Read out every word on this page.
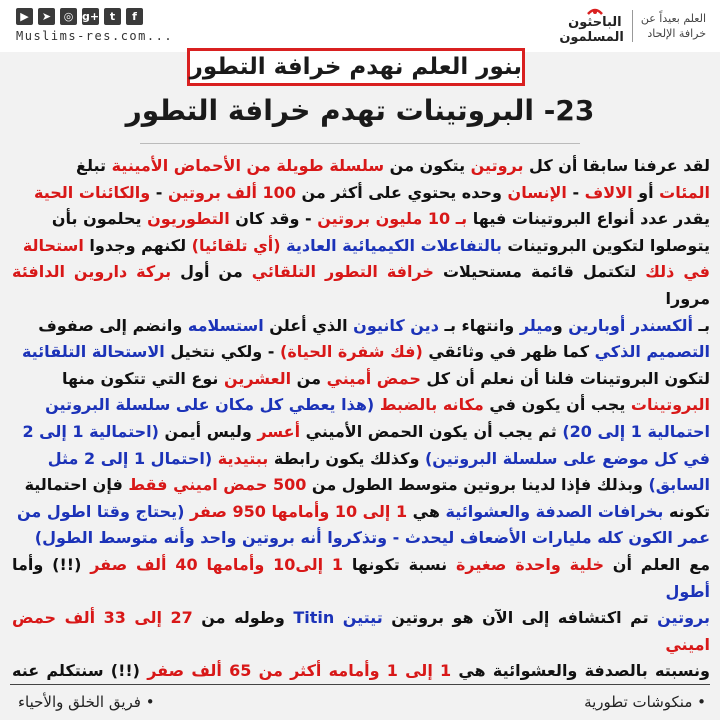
▶	➤	◎ g+ t	f
Muslims-res.com...
الباحثون
المسلمون
العلم بعيداً عن
خرافة الإلحاد
بنور العلم نهدم خرافة التطور
23- البروتينات تهدم خرافة التطور
لقد عرفنا سابقا أن كل بروتين يتكون من سلسلة طويلة من الأحماض الأمينية تبلغ
المئات أو الالاف - الإنسان وحده يحتوي على أكثر من 100 ألف بروتين - والكائنات الحية
يقدر عدد أنواع البروتينات فيها بـ 10 مليون بروتين - وقد كان التطوريون يحلمون بأن
يتوصلوا لتكوين البروتينات بالتفاعلات الكيميائية العادية (أي تلقائيا) لكنهم وجدوا استحالة
في ذلك لتكتمل قائمة مستحيلات خرافة التطور التلقائي من أول بركة داروين الدافئة مرورا
بـ ألكسندر أوبارين وميلر وانتهاء بـ دين كانيون الذي أعلن استسلامه وانضم إلى صفوف
التصميم الذكي كما ظهر في وثائقي (فك شفرة الحياة) - ولكي نتخيل الاستحالة التلقائية
لتكون البروتينات فلنا أن نعلم أن كل حمض أميني من العشرين نوع التي تتكون منها
البروتينات يجب أن يكون في مكانه بالضبط (هذا يعطي كل مكان على سلسلة البروتين
احتمالية 1 إلى 20) ثم يجب أن يكون الحمض الأميني أعسر وليس أيمن (احتمالية 1 إلى 2
في كل موضع على سلسلة البروتين) وكذلك يكون رابطة ببتيدية (احتمال 1 إلى 2 مثل
السابق) وبذلك فإذا لدينا بروتين متوسط الطول من 500 حمض اميني فقط فإن احتمالية
تكونه بخرافات الصدفة والعشوائية هي 1 إلى 10 وأمامها 950 صفر (يحتاج وقتا اطول من
عمر الكون كله مليارات الأضعاف ليحدث - وتذكروا أنه بروتين واحد وأنه متوسط الطول)
مع العلم أن خلية واحدة صغيرة نسبة تكونها 1 إلى10 وأمامها 40 ألف صفر (!!) وأما أطول
بروتين تم اكتشافه إلى الآن هو بروتين تيتين Titin وطوله من 27 إلى 33 ألف حمض اميني
ونسبته بالصدفة والعشوائية هي 1 إلى 1 وأمامه أكثر من 65 ألف صفر (!!) سنتكلم عنه
• منكوشات تطورية
• فريق الخلق والأحياء
